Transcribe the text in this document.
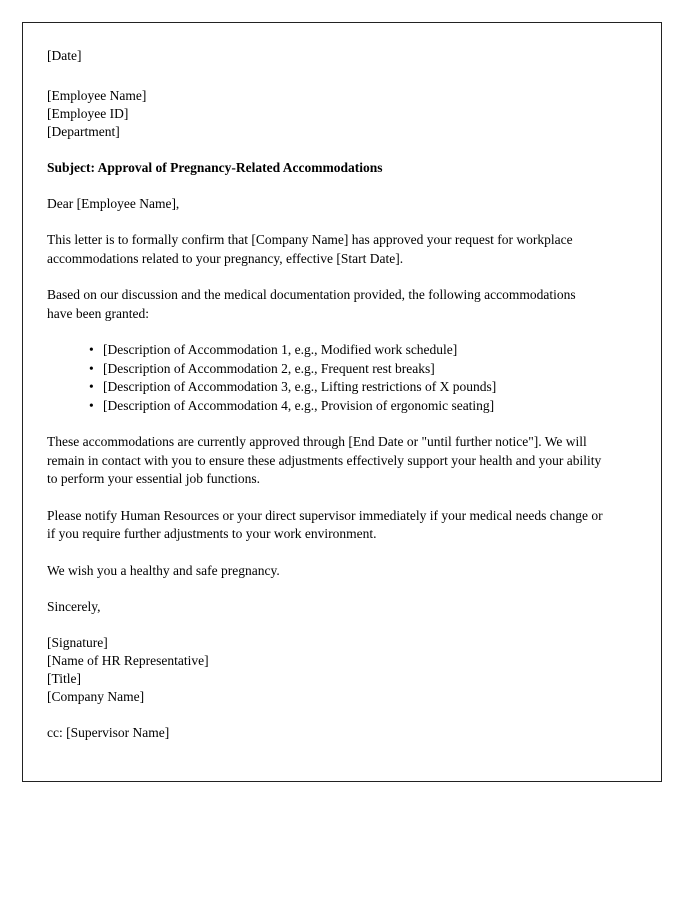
[Date]
[Employee Name]
[Employee ID]
[Department]
Subject: Approval of Pregnancy-Related Accommodations
Dear [Employee Name],

This letter is to formally confirm that [Company Name] has approved your request for workplace accommodations related to your pregnancy, effective [Start Date].

Based on our discussion and the medical documentation provided, the following accommodations have been granted:

• [Description of Accommodation 1, e.g., Modified work schedule]
• [Description of Accommodation 2, e.g., Frequent rest breaks]
• [Description of Accommodation 3, e.g., Lifting restrictions of X pounds]
• [Description of Accommodation 4, e.g., Provision of ergonomic seating]

These accommodations are currently approved through [End Date or "until further notice"]. We will remain in contact with you to ensure these adjustments effectively support your health and your ability to perform your essential job functions.

Please notify Human Resources or your direct supervisor immediately if your medical needs change or if you require further adjustments to your work environment.

We wish you a healthy and safe pregnancy.

Sincerely,
[Signature]
[Name of HR Representative]
[Title]
[Company Name]
cc: [Supervisor Name]
